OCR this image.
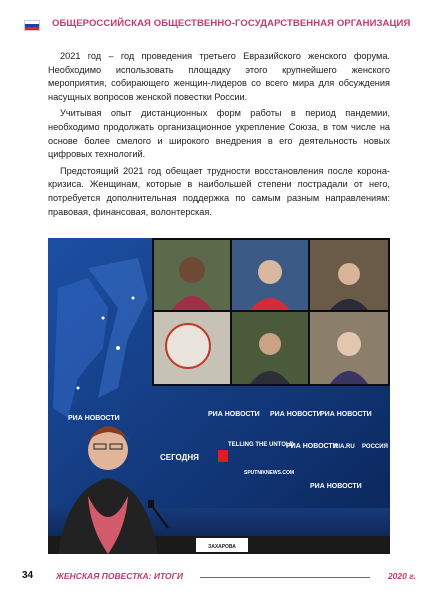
ОБЩЕРОССИЙСКАЯ ОБЩЕСТВЕННО-ГОСУДАРСТВЕННАЯ ОРГАНИЗАЦИЯ

2021 год – год проведения третьего Евразийского женского форума. Необходимо использовать площадку этого крупнейшего женского мероприятия, собирающего женщин-лидеров со всего мира для обсуждения насущных вопросов женской повестки России.

Учитывая опыт дистанционных форм работы в период пандемии, необходимо продолжать организационное укрепление Союза, в том числе на основе более смелого и широкого внедрения в его деятельность новых цифровых технологий.

Предстоящий 2021 год обещает трудности восстановления после корона-кризиса. Женщинам, которые в наибольшей степени пострадали от него, потребуется дополнительная поддержка по самым разным направлениям: правовая, финансовая, волонтерская.

РИА НОВОСТИ
РИА НОВОСТИ РИА НОВОСТИ
РИА НОВОСТИ
РИА НОВОСТИ
РИА НОВОСТИ
СЕГОДНЯ
TELLING THE UNTOLD	RIA.RU РОССИЯ
SPUTNIKNEWS.COM
ЗАХАРОВА
34	ЖЕНСКАЯ ПОВЕСТКА: ИТОГИ	2020 г.
